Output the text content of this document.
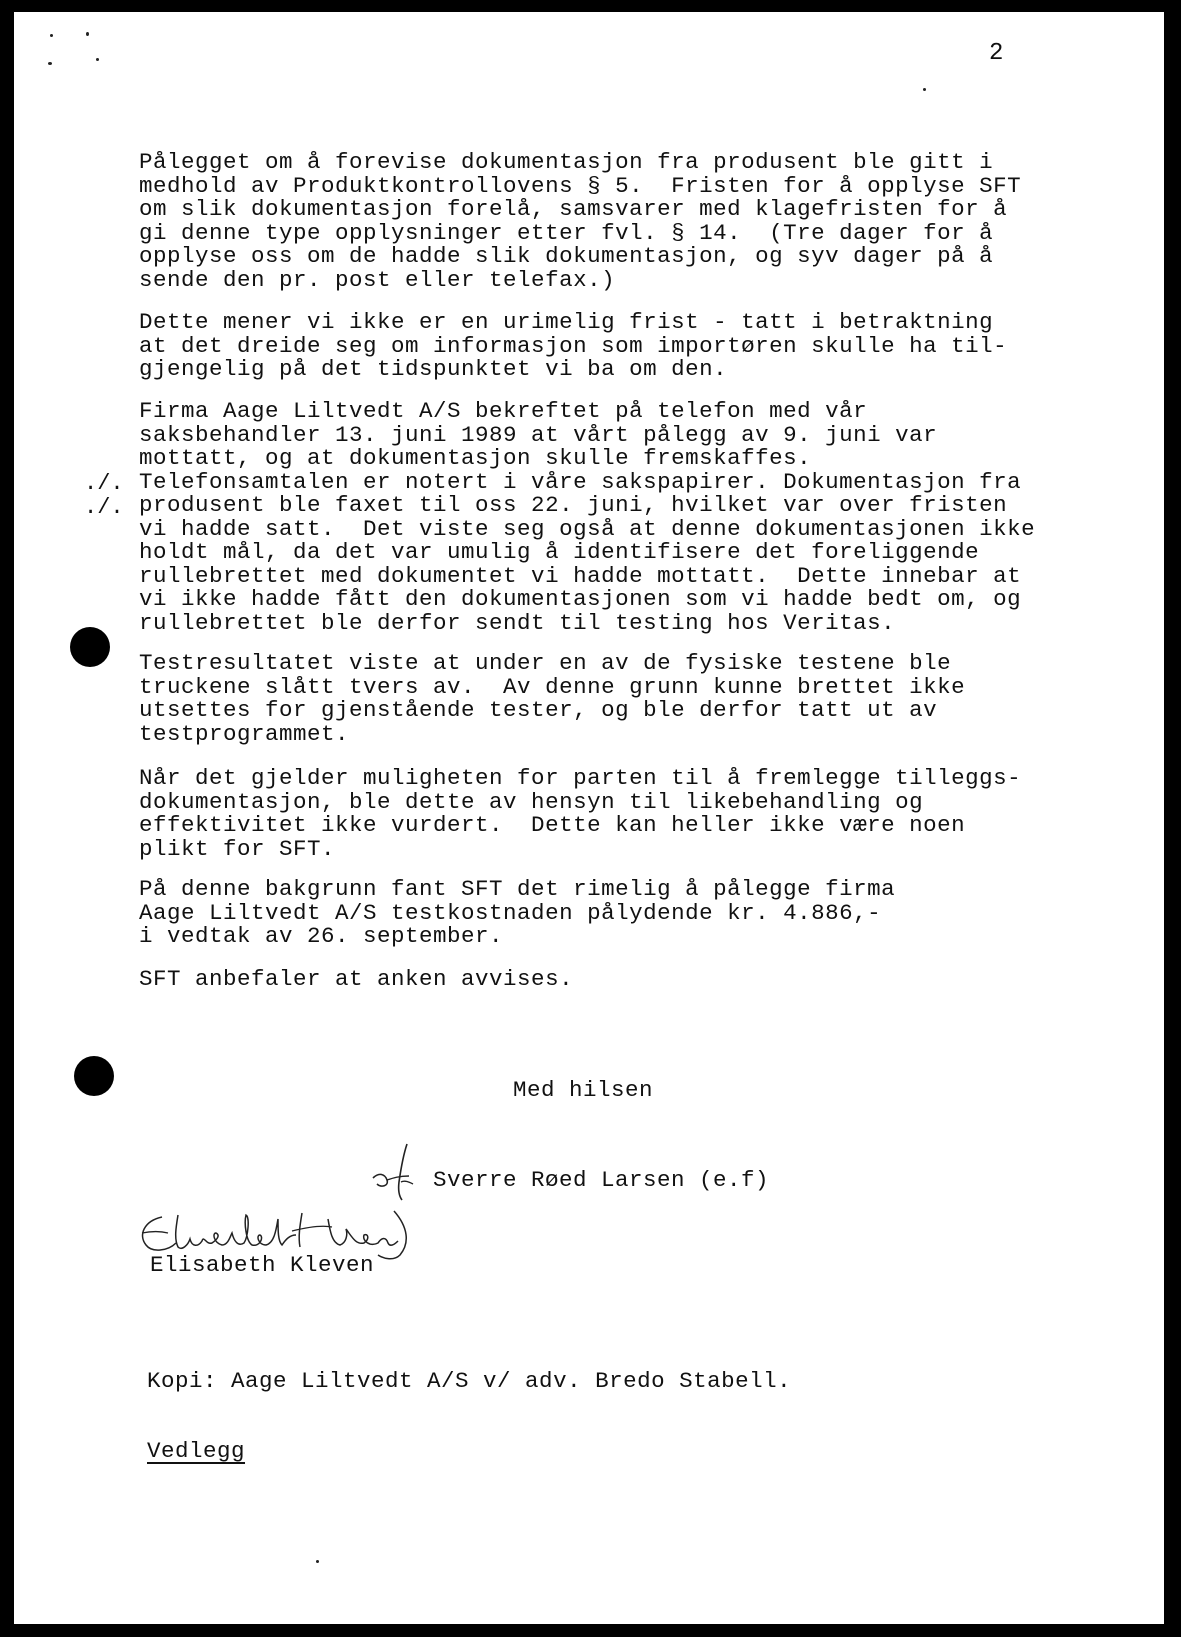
2

Pålegget om å forevise dokumentasjon fra produsent ble gitt i
medhold av Produktkontrollovens § 5.  Fristen for å opplyse SFT
om slik dokumentasjon forelå, samsvarer med klagefristen for å
gi denne type opplysninger etter fvl. § 14.  (Tre dager for å
opplyse oss om de hadde slik dokumentasjon, og syv dager på å
sende den pr. post eller telefax.)

Dette mener vi ikke er en urimelig frist - tatt i betraktning
at det dreide seg om informasjon som importøren skulle ha til-
gjengelig på det tidspunktet vi ba om den.

Firma Aage Liltvedt A/S bekreftet på telefon med vår
saksbehandler 13. juni 1989 at vårt pålegg av 9. juni var
mottatt, og at dokumentasjon skulle fremskaffes.
Telefonsamtalen er notert i våre sakspapirer. Dokumentasjon fra
produsent ble faxet til oss 22. juni, hvilket var over fristen
vi hadde satt.  Det viste seg også at denne dokumentasjonen ikke
holdt mål, da det var umulig å identifisere det foreliggende
rullebrettet med dokumentet vi hadde mottatt.  Dette innebar at
vi ikke hadde fått den dokumentasjonen som vi hadde bedt om, og
rullebrettet ble derfor sendt til testing hos Veritas.

./.
./.

Testresultatet viste at under en av de fysiske testene ble
truckene slått tvers av.  Av denne grunn kunne brettet ikke
utsettes for gjenstående tester, og ble derfor tatt ut av
testprogrammet.

Når det gjelder muligheten for parten til å fremlegge tilleggs-
dokumentasjon, ble dette av hensyn til likebehandling og
effektivitet ikke vurdert.  Dette kan heller ikke være noen
plikt for SFT.

På denne bakgrunn fant SFT det rimelig å pålegge firma
Aage Liltvedt A/S testkostnaden pålydende kr. 4.886,-
i vedtak av 26. september.

SFT anbefaler at anken avvises.

Med hilsen
Sverre Røed Larsen (e.f)
Elisabeth Kleven
Kopi: Aage Liltvedt A/S v/ adv. Bredo Stabell.
Vedlegg
